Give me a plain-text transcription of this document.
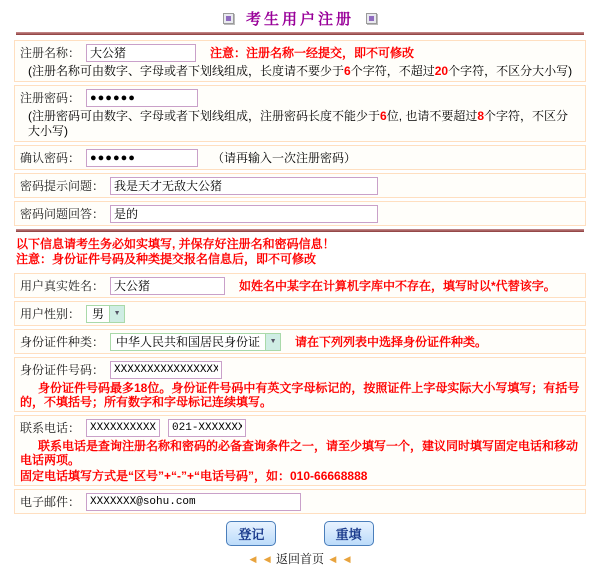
考生用户注册
注册名称：
大公猪	注意：注册名称一经提交，即不可修改
(注册名称可由数字、字母或者下划线组成，长度请不要少于6个字符，不超过20个字符，不区分大小写)
注册密码：
●●●●●●
(注册密码可由数字、字母或者下划线组成，注册密码长度不能少于6位, 也请不要超过8个字符，不区分大小写)
确认密码：
●●●●●●	（请再输入一次注册密码）
密码提示问题：
我是天才无敌大公猪
密码问题回答：
是的
以下信息请考生务必如实填写, 并保存好注册名和密码信息！
注意：身份证件号码及种类提交报名信息后，即不可修改
用户真实姓名：
大公猪	如姓名中某字在计算机字库中不存在，填写时以*代替该字。
用户性别：	男	▼
身份证件种类：	中华人民共和国居民身份证	▼ 请在下列列表中选择身份证件种类。
身份证件号码：
XXXXXXXXXXXXXXXXXX
身份证件号码最多18位。身份证件号码中有英文字母标记的，按照证件上字母实际大小写填写；有括号的，不填括号；所有数字和字母标记连续填写。
联系电话：
XXXXXXXXXXX
021-XXXXXXXX
联系电话是查询注册名称和密码的必备查询条件之一，请至少填写一个，建议同时填写固定电话和移动电话两项。
固定电话填写方式是“区号”+“-”+“电话号码”，如：010-66668888
电子邮件：
XXXXXXX@sohu.com
登记	重填
◀ ◀ 返回首页 ◀ ◀
